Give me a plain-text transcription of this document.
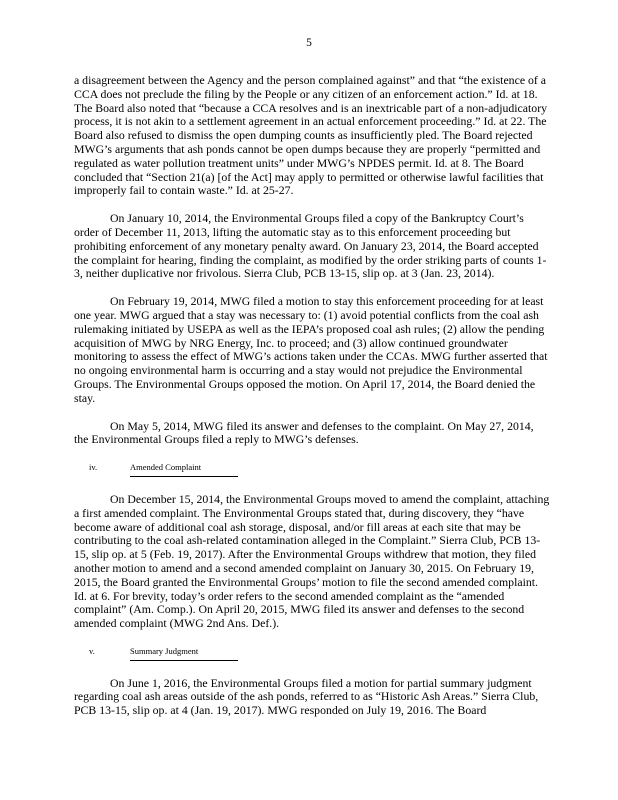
5

a disagreement between the Agency and the person complained against” and that “the existence of a CCA does not preclude the filing by the People or any citizen of an enforcement action.” Id. at 18. The Board also noted that “because a CCA resolves and is an inextricable part of a non-adjudicatory process, it is not akin to a settlement agreement in an actual enforcement proceeding.” Id. at 22. The Board also refused to dismiss the open dumping counts as insufficiently pled. The Board rejected MWG’s arguments that ash ponds cannot be open dumps because they are properly “permitted and regulated as water pollution treatment units” under MWG’s NPDES permit. Id. at 8. The Board concluded that “Section 21(a) [of the Act] may apply to permitted or otherwise lawful facilities that improperly fail to contain waste.” Id. at 25-27.

On January 10, 2014, the Environmental Groups filed a copy of the Bankruptcy Court’s order of December 11, 2013, lifting the automatic stay as to this enforcement proceeding but prohibiting enforcement of any monetary penalty award. On January 23, 2014, the Board accepted the complaint for hearing, finding the complaint, as modified by the order striking parts of counts 1-3, neither duplicative nor frivolous. Sierra Club, PCB 13-15, slip op. at 3 (Jan. 23, 2014).

On February 19, 2014, MWG filed a motion to stay this enforcement proceeding for at least one year. MWG argued that a stay was necessary to: (1) avoid potential conflicts from the coal ash rulemaking initiated by USEPA as well as the IEPA’s proposed coal ash rules; (2) allow the pending acquisition of MWG by NRG Energy, Inc. to proceed; and (3) allow continued groundwater monitoring to assess the effect of MWG’s actions taken under the CCAs. MWG further asserted that no ongoing environmental harm is occurring and a stay would not prejudice the Environmental Groups. The Environmental Groups opposed the motion. On April 17, 2014, the Board denied the stay.

On May 5, 2014, MWG filed its answer and defenses to the complaint. On May 27, 2014, the Environmental Groups filed a reply to MWG’s defenses.

iv.	Amended Complaint

On December 15, 2014, the Environmental Groups moved to amend the complaint, attaching a first amended complaint. The Environmental Groups stated that, during discovery, they “have become aware of additional coal ash storage, disposal, and/or fill areas at each site that may be contributing to the coal ash-related contamination alleged in the Complaint.” Sierra Club, PCB 13-15, slip op. at 5 (Feb. 19, 2017). After the Environmental Groups withdrew that motion, they filed another motion to amend and a second amended complaint on January 30, 2015. On February 19, 2015, the Board granted the Environmental Groups’ motion to file the second amended complaint. Id. at 6. For brevity, today’s order refers to the second amended complaint as the “amended complaint” (Am. Comp.). On April 20, 2015, MWG filed its answer and defenses to the second amended complaint (MWG 2nd Ans. Def.).

v.	Summary Judgment

On June 1, 2016, the Environmental Groups filed a motion for partial summary judgment regarding coal ash areas outside of the ash ponds, referred to as “Historic Ash Areas.” Sierra Club, PCB 13-15, slip op. at 4 (Jan. 19, 2017). MWG responded on July 19, 2016. The Board
